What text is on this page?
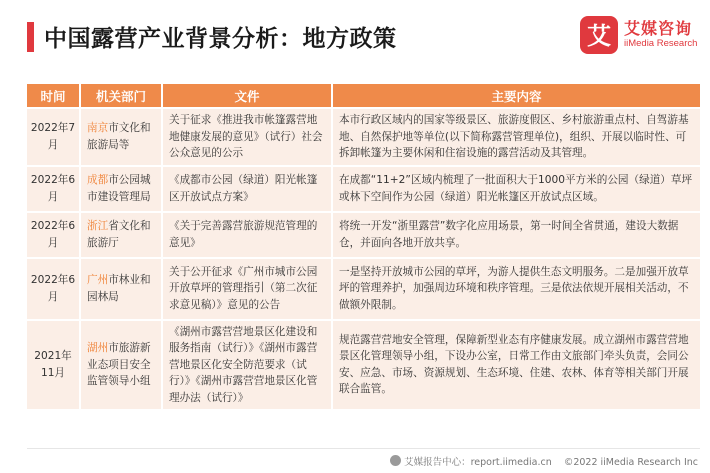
中国露营产业背景分析：地方政策	艾 艾媒咨询
iiMedia Research
时间	机关部门	文件	主要内容
2022年7月	南京市文化和旅游局等	关于征求《推进我市帐篷露营地地健康发展的意见》（试行）社会公众意见的公示	本市行政区域内的国家等级景区、旅游度假区、乡村旅游重点村、自驾游基地、自然保护地等单位(以下简称露营管理单位)，组织、开展以临时性、可拆卸帐篷为主要休闲和住宿设施的露营活动及其管理。
2022年6月	成都市公园城市建设管理局	《成都市公园（绿道）阳光帐篷区开放试点方案》	在成都“11+2”区域内梳理了一批面积大于1000平方米的公园（绿道）草坪或林下空间作为公园（绿道）阳光帐篷区开放试点区域。
2022年6月	浙江省文化和旅游厅	《关于完善露营旅游规范管理的意见》	将统一开发“浙里露营”数字化应用场景，第一时间全省贯通，建设大数据仓，并面向各地开放共享。
2022年6月	广州市林业和园林局	关于公开征求《广州市城市公园开放草坪的管理指引（第二次征求意见稿）》意见的公告	一是坚持开放城市公园的草坪，为游人提供生态文明服务。二是加强开放草坪的管理养护，加强周边环境和秩序管理。三是依法依规开展相关活动，不做额外限制。
2021年11月	湖州市旅游新业态项目安全监管领导小组	《湖州市露营营地景区化建设和服务指南（试行）》《湖州市露营营地景区化安全防范要求（试行）》《湖州市露营营地景区化管理办法（试行）》	规范露营营地安全管理，保障新型业态有序健康发展。成立湖州市露营营地景区化管理领导小组，下设办公室，日常工作由文旅部门牵头负责，会同公安、应急、市场、资源规划、生态环境、住建、农林、体育等相关部门开展联合监管。
艾媒报告中心：report.iimedia.cn ©2022 iiMedia Research Inc
